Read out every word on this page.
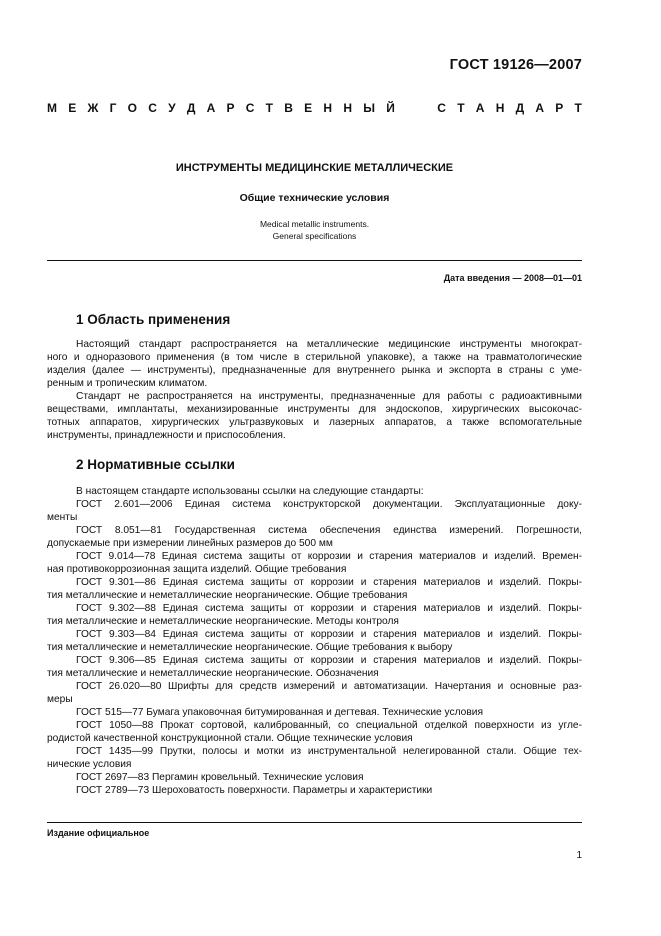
ГОСТ 19126—2007
М Е Ж Г О С У Д А Р С Т В Е Н Н Ы Й	С Т А Н Д А Р Т
ИНСТРУМЕНТЫ МЕДИЦИНСКИЕ МЕТАЛЛИЧЕСКИЕ
Общие технические условия
Medical metallic instruments.
General specifications
Дата введения — 2008—01—01
1 Область применения
Настоящий стандарт распространяется на металлические медицинские инструменты многократ-
ного и одноразового применения (в том числе в стерильной упаковке), а также на травматологические
изделия (далее — инструменты), предназначенные для внутреннего рынка и экспорта в страны с уме-
ренным и тропическим климатом.
Стандарт не распространяется на инструменты, предназначенные для работы с радиоактивными
веществами, имплантаты, механизированные инструменты для эндоскопов, хирургических высокочас-
тотных аппаратов, хирургических ультразвуковых и лазерных аппаратов, а также вспомогательные
инструменты, принадлежности и приспособления.
2 Нормативные ссылки
В настоящем стандарте использованы ссылки на следующие стандарты:
ГОСТ 2.601—2006 Единая система конструкторской документации. Эксплуатационные доку-
менты
ГОСТ 8.051—81 Государственная система обеспечения единства измерений. Погрешности,
допускаемые при измерении линейных размеров до 500 мм
ГОСТ 9.014—78 Единая система защиты от коррозии и старения материалов и изделий. Времен-
ная противокоррозионная защита изделий. Общие требования
ГОСТ 9.301—86 Единая система защиты от коррозии и старения материалов и изделий. Покры-
тия металлические и неметаллические неорганические. Общие требования
ГОСТ 9.302—88 Единая система защиты от коррозии и старения материалов и изделий. Покры-
тия металлические и неметаллические неорганические. Методы контроля
ГОСТ 9.303—84 Единая система защиты от коррозии и старения материалов и изделий. Покры-
тия металлические и неметаллические неорганические. Общие требования к выбору
ГОСТ 9.306—85 Единая система защиты от коррозии и старения материалов и изделий. Покры-
тия металлические и неметаллические неорганические. Обозначения
ГОСТ 26.020—80 Шрифты для средств измерений и автоматизации. Начертания и основные раз-
меры
ГОСТ 515—77 Бумага упаковочная битумированная и дегтевая. Технические условия
ГОСТ 1050—88 Прокат сортовой, калиброванный, со специальной отделкой поверхности из угле-
родистой качественной конструкционной стали. Общие технические условия
ГОСТ 1435—99 Прутки, полосы и мотки из инструментальной нелегированной стали. Общие тех-
нические условия
ГОСТ 2697—83 Пергамин кровельный. Технические условия
ГОСТ 2789—73 Шероховатость поверхности. Параметры и характеристики
Издание официальное
1
